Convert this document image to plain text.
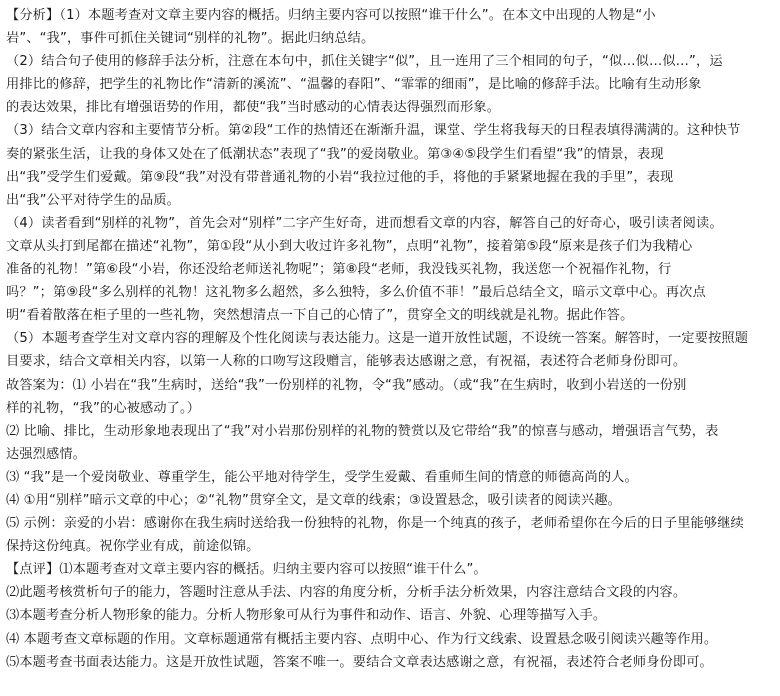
【分析】（1）本题考查对文章主要内容的概括。归纳主要内容可以按照“谁干什么”。在本文中出现的人物是“小
岩”、“我”，事件可抓住关键词“别样的礼物”。据此归纳总结。
（2）结合句子使用的修辞手法分析，注意在本句中，抓住关键字“似”，且一连用了三个相同的句子，“似…似…似…”，运
用排比的修辞，把学生的礼物比作“清新的溪流”、“温馨的春阳”、“霏霏的细雨”，是比喻的修辞手法。比喻有生动形象
的表达效果，排比有增强语势的作用，都使“我”当时感动的心情表达得强烈而形象。
（3）结合文章内容和主要情节分析。第②段“工作的热情还在渐渐升温，课堂、学生将我每天的日程表填得满满的。这种快节
奏的紧张生活，让我的身体又处在了低潮状态”表现了“我”的爱岗敬业。第③④⑤段学生们看望“我”的情景，表现
出“我”受学生们爱戴。第⑨段“我”对没有带普通礼物的小岩“我拉过他的手，将他的手紧紧地握在我的手里”，表现
出“我”公平对待学生的品质。
（4）读者看到“别样的礼物”，首先会对“别样”二字产生好奇，进而想看文章的内容，解答自己的好奇心，吸引读者阅读。
文章从头打到尾都在描述“礼物”，第①段“从小到大收过许多礼物”，点明“礼物”，接着第⑤段“原来是孩子们为我精心
准备的礼物！”第⑥段“小岩，你还没给老师送礼物呢”；第⑧段“老师，我没钱买礼物，我送您一个祝福作礼物，行
吗？”；第⑨段“多么别样的礼物！这礼物多么超然，多么独特，多么价值不菲！”最后总结全文，暗示文章中心。再次点
明“看着散落在柜子里的一些礼物，突然想清点一下自己的心情了”，贯穿全文的明线就是礼物。据此作答。
（5）本题考查学生对文章内容的理解及个性化阅读与表达能力。这是一道开放性试题，不设统一答案。解答时，一定要按照题
目要求，结合文章相关内容，以第一人称的口吻写这段赠言，能够表达感谢之意，有祝福，表述符合老师身份即可。
故答案为：⑴ 小岩在“我”生病时，送给“我”一份别样的礼物，令“我”感动。（或“我”在生病时，收到小岩送的一份别
样的礼物，“我”的心被感动了。）
⑵ 比喻、排比，生动形象地表现出了“我”对小岩那份别样的礼物的赞赏以及它带给“我”的惊喜与感动，增强语言气势，表
达强烈感情。
⑶ “我”是一个爱岗敬业、尊重学生，能公平地对待学生，受学生爱戴、看重师生间的情意的师德高尚的人。
⑷ ①用“别样”暗示文章的中心；②“礼物”贯穿全文，是文章的线索；③设置悬念，吸引读者的阅读兴趣。
⑸ 示例：亲爱的小岩：感谢你在我生病时送给我一份独特的礼物，你是一个纯真的孩子，老师希望你在今后的日子里能够继续
保持这份纯真。祝你学业有成，前途似锦。
【点评】⑴本题考查对文章主要内容的概括。归纳主要内容可以按照“谁干什么”。
⑵此题考核赏析句子的能力，答题时注意从手法、内容的角度分析，分析手法分析效果，内容注意结合文段的内容。
⑶本题考查分析人物形象的能力。分析人物形象可从行为事件和动作、语言、外貌、心理等描写入手。
⑷ 本题考查文章标题的作用。文章标题通常有概括主要内容、点明中心、作为行文线索、设置悬念吸引阅读兴趣等作用。
⑸本题考查书面表达能力。这是开放性试题，答案不唯一。要结合文章表达感谢之意，有祝福，表述符合老师身份即可。
